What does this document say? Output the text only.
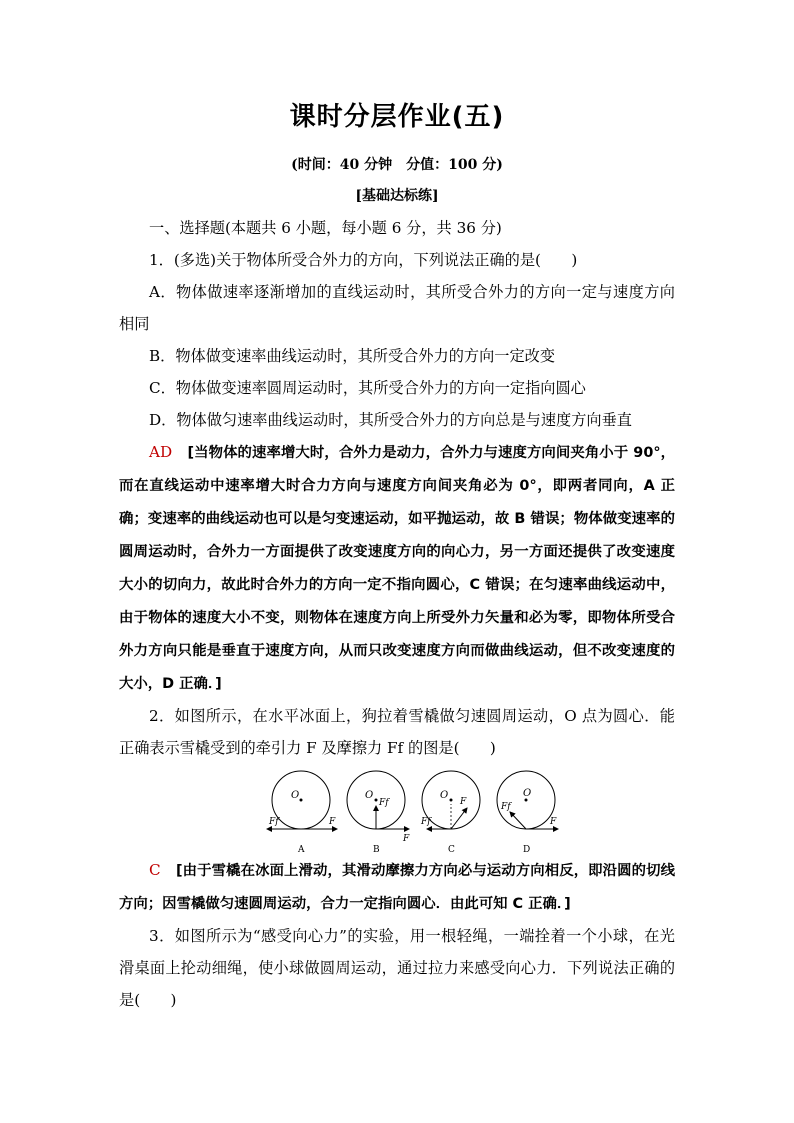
课时分层作业(五)
(时间：40 分钟　分值：100 分)
[基础达标练]

一、选择题(本题共 6 小题，每小题 6 分，共 36 分)

1．(多选)关于物体所受合外力的方向，下列说法正确的是(　　)

A．物体做速率逐渐增加的直线运动时，其所受合外力的方向一定与速度方向相同

B．物体做变速率曲线运动时，其所受合外力的方向一定改变

C．物体做变速率圆周运动时，其所受合外力的方向一定指向圆心

D．物体做匀速率曲线运动时，其所受合外力的方向总是与速度方向垂直

AD　 [当物体的速率增大时，合外力是动力，合外力与速度方向间夹角小于 90°，而在直线运动中速率增大时合力方向与速度方向间夹角必为 0°，即两者同向，A 正确；变速率的曲线运动也可以是匀变速运动，如平抛运动，故 B 错误；物体做变速率的圆周运动时，合外力一方面提供了改变速度方向的向心力，另一方面还提供了改变速度大小的切向力，故此时合外力的方向一定不指向圆心，C 错误；在匀速率曲线运动中，由于物体的速度大小不变，则物体在速度方向上所受外力矢量和必为零，即物体所受合外力方向只能是垂直于速度方向，从而只改变速度方向而做曲线运动，但不改变速度的大小，D 正确．]

2．如图所示，在水平冰面上，狗拉着雪橇做匀速圆周运动，O 点为圆心．能正确表示雪橇受到的牵引力 F 及摩擦力 Ff 的图是(　　)

O
Ff	F
A
O
Ff
F
B
O
F
Ff
C
O
Ff
F
D

C　 [由于雪橇在冰面上滑动，其滑动摩擦力方向必与运动方向相反，即沿圆的切线方向；因雪橇做匀速圆周运动，合力一定指向圆心．由此可知 C 正确．]

3．如图所示为“感受向心力”的实验，用一根轻绳，一端拴着一个小球，在光滑桌面上抡动细绳，使小球做圆周运动，通过拉力来感受向心力．下列说法正确的是(　　)
